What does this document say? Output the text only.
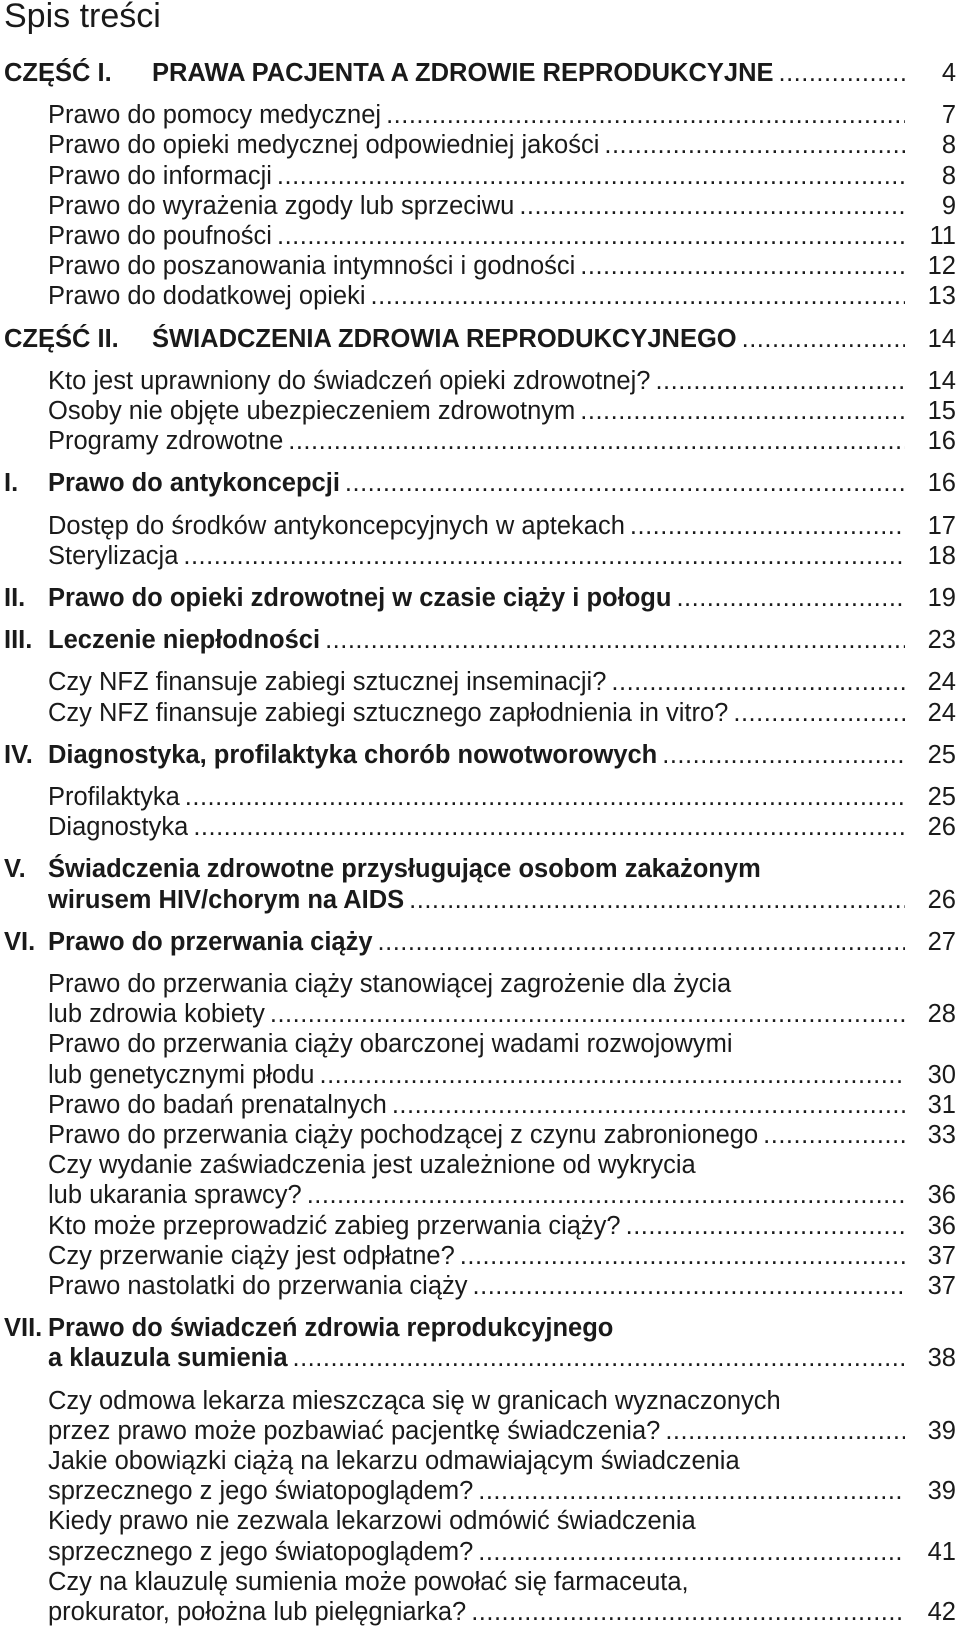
Spis treści
CZĘŚĆ I. PRAWA PACJENTA A ZDROWIE REPRODUKCYJNE .....	4
Prawo do pomocy medycznej .....	7
Prawo do opieki medycznej odpowiedniej jakości .....	8
Prawo do informacji .....	8
Prawo do wyrażenia zgody lub sprzeciwu .....	9
Prawo do poufności .....	11
Prawo do poszanowania intymności i godności .....	12
Prawo do dodatkowej opieki .....	13
CZĘŚĆ II. ŚWIADCZENIA ZDROWIA REPRODUKCYJNEGO .....	14
Kto jest uprawniony do świadczeń opieki zdrowotnej? .....	14
Osoby nie objęte ubezpieczeniem zdrowotnym .....	15
Programy zdrowotne .....	16
I. Prawo do antykoncepcji .....	16
Dostęp do środków antykoncepcyjnych w aptekach .....	17
Sterylizacja .....	18
II. Prawo do opieki zdrowotnej w czasie ciąży i połogu .....	19
III. Leczenie niepłodności .....	23
Czy NFZ finansuje zabiegi sztucznej inseminacji? .....	24
Czy NFZ finansuje zabiegi sztucznego zapłodnienia in vitro? .....	24
IV. Diagnostyka, profilaktyka chorób nowotworowych .....	25
Profilaktyka .....	25
Diagnostyka .....	26
V. Świadczenia zdrowotne przysługujące osobom zakażonym
wirusem HIV/chorym na AIDS .....	26
VI. Prawo do przerwania ciąży .....	27
Prawo do przerwania ciąży stanowiącej zagrożenie dla życia
lub zdrowia kobiety .....	28
Prawo do przerwania ciąży obarczonej wadami rozwojowymi
lub genetycznymi płodu .....	30
Prawo do badań prenatalnych .....	31
Prawo do przerwania ciąży pochodzącej z czynu zabronionego .....	33
Czy wydanie zaświadczenia jest uzależnione od wykrycia
lub ukarania sprawcy? .....	36
Kto może przeprowadzić zabieg przerwania ciąży? .....	36
Czy przerwanie ciąży jest odpłatne? .....	37
Prawo nastolatki do przerwania ciąży .....	37
VII. Prawo do świadczeń zdrowia reprodukcyjnego
a klauzula sumienia .....	38
Czy odmowa lekarza mieszcząca się w granicach wyznaczonych
przez prawo może pozbawiać pacjentkę świadczenia? .....	39
Jakie obowiązki ciążą na lekarzu odmawiającym świadczenia
sprzecznego z jego światopoglądem? .....	39
Kiedy prawo nie zezwala lekarzowi odmówić świadczenia
sprzecznego z jego światopoglądem? .....	41
Czy na klauzulę sumienia może powołać się farmaceuta,
prokurator, położna lub pielęgniarka? .....	42
